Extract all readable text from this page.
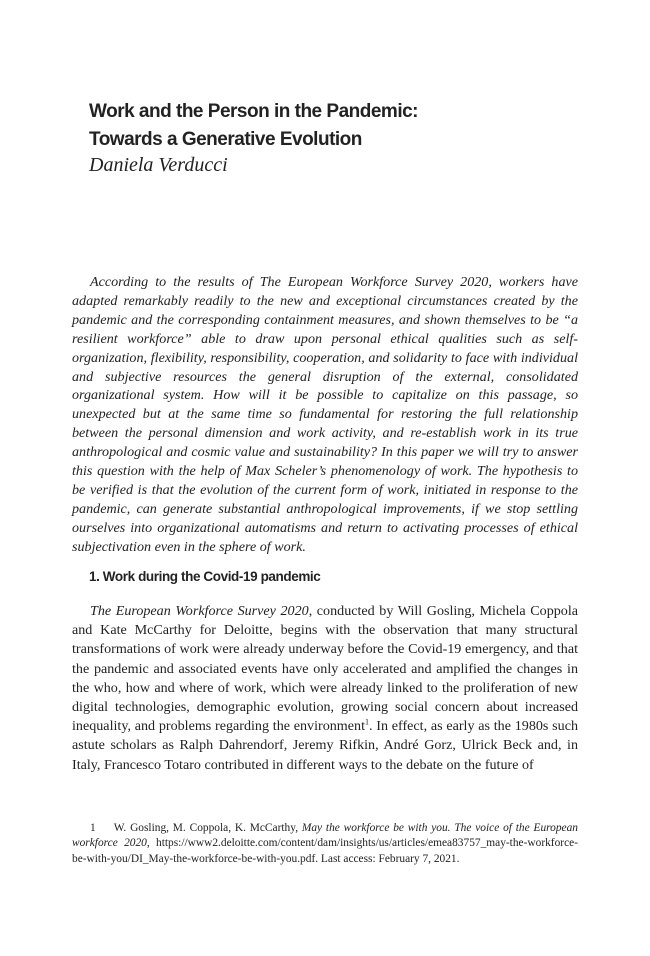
Work and the Person in the Pandemic:
Towards a Generative Evolution

Daniela Verducci

According to the results of The European Workforce Survey 2020, workers have adapted remarkably readily to the new and exceptional circumstances created by the pandemic and the corresponding containment measures, and shown themselves to be “a resilient workforce” able to draw upon personal ethical qualities such as self-organization, flexibility, responsibility, cooperation, and solidarity to face with individual and subjective resources the general disruption of the external, consolidated organizational system. How will it be possible to capitalize on this passage, so unexpected but at the same time so fundamental for restoring the full relationship between the personal dimension and work activity, and re-establish work in its true anthropological and cosmic value and sustainability? In this paper we will try to answer this question with the help of Max Scheler’s phenomenology of work. The hypothesis to be verified is that the evolution of the current form of work, initiated in response to the pandemic, can generate substantial anthropological improvements, if we stop settling ourselves into organizational automatisms and return to activating processes of ethical subjectivation even in the sphere of work.

1. Work during the Covid-19 pandemic

The European Workforce Survey 2020, conducted by Will Gosling, Michela Coppola and Kate McCarthy for Deloitte, begins with the observation that many structural transformations of work were already underway before the Covid-19 emergency, and that the pandemic and associated events have only accelerated and amplified the changes in the who, how and where of work, which were already linked to the proliferation of new digital technologies, demographic evolution, growing social concern about increased inequality, and problems regarding the environment$^1$. In effect, as early as the 1980s such astute scholars as Ralph Dahrendorf, Jeremy Rifkin, André Gorz, Ulrick Beck and, in Italy, Francesco Totaro contributed in different ways to the debate on the future of

1 W. Gosling, M. Coppola, K. McCarthy, May the workforce be with you. The voice of the European workforce 2020, https://www2.deloitte.com/content/dam/insights/us/articles/emea83757_may-the-workforce-be-with-you/DI_May-the-workforce-be-with-you.pdf. Last access: February 7, 2021.
